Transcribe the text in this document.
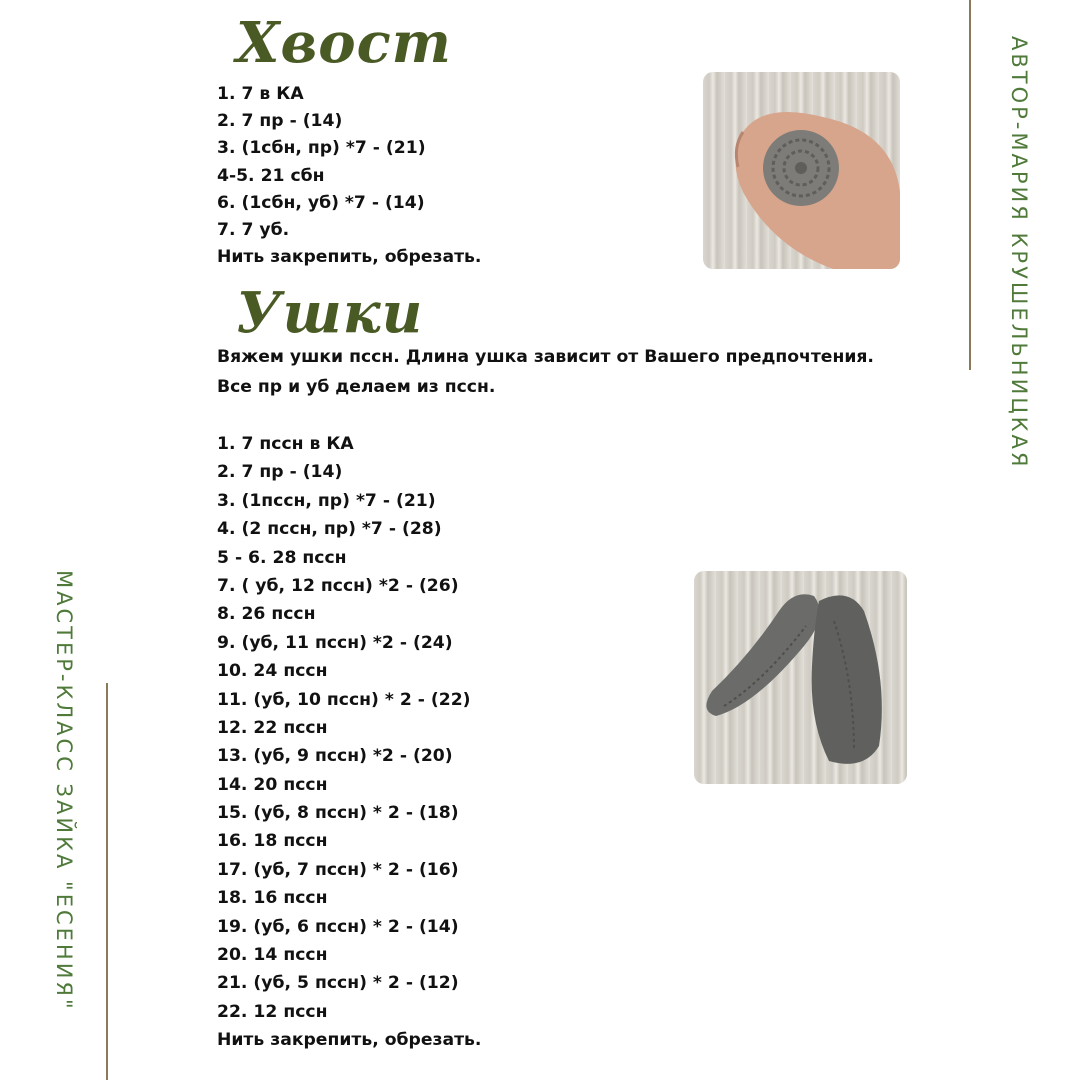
Хвост
1. 7 в КА
2. 7 пр - (14)
3. (1сбн, пр) *7 - (21)
4-5. 21 сбн
6. (1сбн, уб) *7 - (14)
7. 7 уб.
Нить закрепить, обрезать.
Ушки
Вяжем ушки пссн. Длина ушка зависит от Вашего предпочтения.
Все пр и уб делаем из пссн.
1. 7 пссн в КА
2. 7 пр - (14)
3. (1пссн, пр) *7 - (21)
4. (2 пссн, пр) *7 - (28)
5 - 6. 28 пссн
7. ( уб, 12 пссн) *2 - (26)
8. 26 пссн
9. (уб, 11 пссн) *2 - (24)
10. 24 пссн
11. (уб, 10 пссн) * 2 - (22)
12. 22 пссн
13. (уб, 9 пссн) *2 - (20)
14. 20 пссн
15. (уб, 8 пссн) * 2 - (18)
16. 18 пссн
17. (уб, 7 пссн) * 2 - (16)
18. 16 пссн
19. (уб, 6 пссн) * 2 - (14)
20. 14 пссн
21. (уб, 5 пссн) * 2 - (12)
22. 12 пссн
Нить закрепить, обрезать.
АВТОР-МАРИЯ КРУШЕЛЬНИЦКАЯ
МАСТЕР-КЛАСС ЗАЙКА "ЕСЕНИЯ"
